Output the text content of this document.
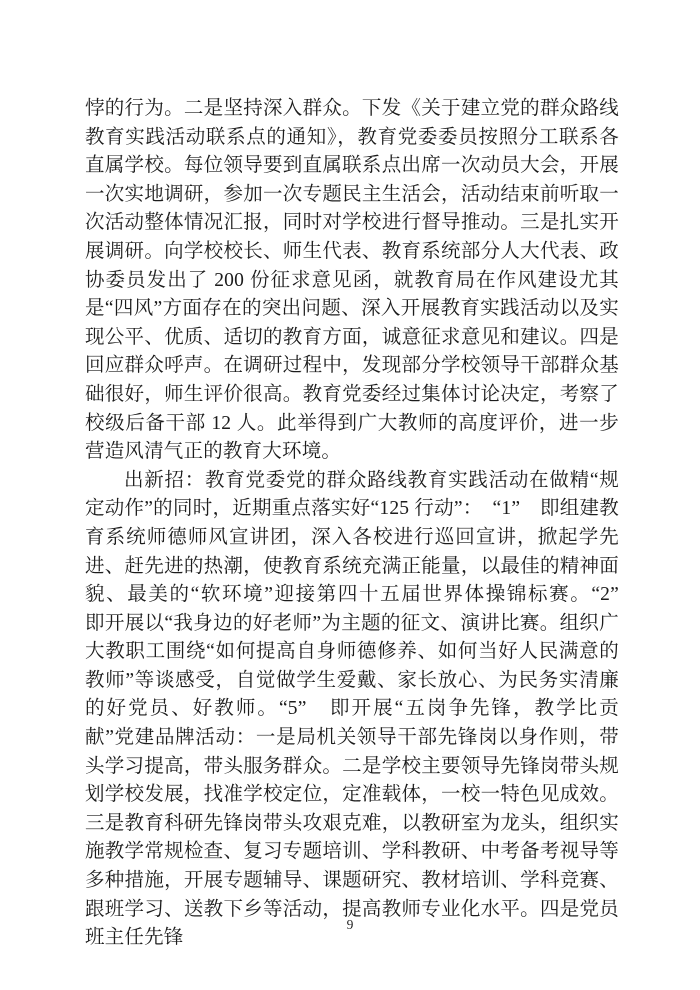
悖的行为。二是坚持深入群众。下发《关于建立党的群众路线教育实践活动联系点的通知》，教育党委委员按照分工联系各直属学校。每位领导要到直属联系点出席一次动员大会，开展一次实地调研，参加一次专题民主生活会，活动结束前听取一次活动整体情况汇报，同时对学校进行督导推动。三是扎实开展调研。向学校校长、师生代表、教育系统部分人大代表、政协委员发出了 200 份征求意见函，就教育局在作风建设尤其是“四风”方面存在的突出问题、深入开展教育实践活动以及实现公平、优质、适切的教育方面，诚意征求意见和建议。四是回应群众呼声。在调研过程中，发现部分学校领导干部群众基础很好，师生评价很高。教育党委经过集体讨论决定，考察了校级后备干部 12 人。此举得到广大教师的高度评价，进一步营造风清气正的教育大环境。

出新招：教育党委党的群众路线教育实践活动在做精“规定动作”的同时，近期重点落实好“125 行动”：　“1”　即组建教育系统师德师风宣讲团，深入各校进行巡回宣讲，掀起学先进、赶先进的热潮，使教育系统充满正能量，以最佳的精神面貌、最美的“软环境”迎接第四十五届世界体操锦标赛。“2”　即开展以“我身边的好老师”为主题的征文、演讲比赛。组织广大教职工围绕“如何提高自身师德修养、如何当好人民满意的教师”等谈感受，自觉做学生爱戴、家长放心、为民务实清廉的好党员、好教师。“5”　即开展“五岗争先锋，教学比贡献”党建品牌活动：一是局机关领导干部先锋岗以身作则，带头学习提高，带头服务群众。二是学校主要领导先锋岗带头规划学校发展，找准学校定位，定准载体，一校一特色见成效。三是教育科研先锋岗带头攻艰克难，以教研室为龙头，组织实施教学常规检查、复习专题培训、学科教研、中考备考视导等多种措施，开展专题辅导、课题研究、教材培训、学科竞赛、跟班学习、送教下乡等活动，提高教师专业化水平。四是党员班主任先锋

9
